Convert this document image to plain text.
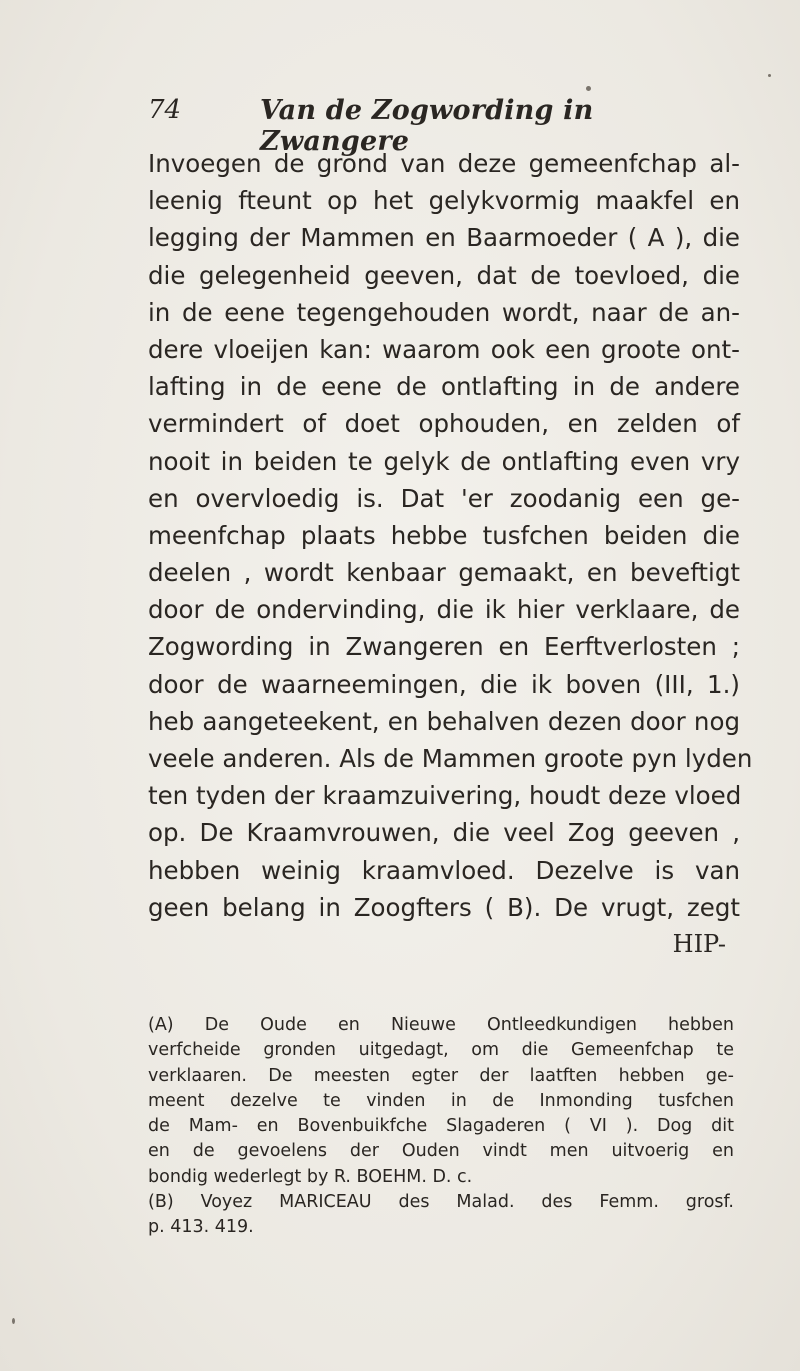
74	Van de Zogwording in Zwangere
Invoegen de grond van deze gemeenfchap al-
leenig fteunt op het gelykvormig maakfel en
legging der Mammen en Baarmoeder ( A ), die
die gelegenheid geeven, dat de toevloed, die
in de eene tegengehouden wordt, naar de an-
dere vloeijen kan: waarom ook een groote ont-
lafting in de eene de ontlafting in de andere
vermindert of doet ophouden, en zelden of
nooit in beiden te gelyk de ontlafting even vry
en overvloedig is. Dat 'er zoodanig een ge-
meenfchap plaats hebbe tusfchen beiden die
deelen , wordt kenbaar gemaakt, en beveftigt
door de ondervinding, die ik hier verklaare, de
Zogwording in Zwangeren en Eerftverlosten ;
door de waarneemingen, die ik boven (III, 1.)
heb aangeteekent, en behalven dezen door nog
veele anderen. Als de Mammen groote pyn lyden
ten tyden der kraamzuivering, houdt deze vloed
op. De Kraamvrouwen, die veel Zog geeven ,
hebben weinig kraamvloed. Dezelve is van
geen belang in Zoogfters ( B). De vrugt, zegt
HIP-
(A) De Oude en Nieuwe Ontleedkundigen hebben
verfcheide gronden uitgedagt, om die Gemeenfchap te
verklaaren. De meesten egter der laatften hebben ge-
meent dezelve te vinden in de Inmonding tusfchen
de Mam- en Bovenbuikfche Slagaderen ( VI ). Dog dit
en de gevoelens der Ouden vindt men uitvoerig en
bondig wederlegt by R. BOEHM. D. c.
(B) Voyez MARICEAU des Malad. des Femm. grosf.
p. 413. 419.
